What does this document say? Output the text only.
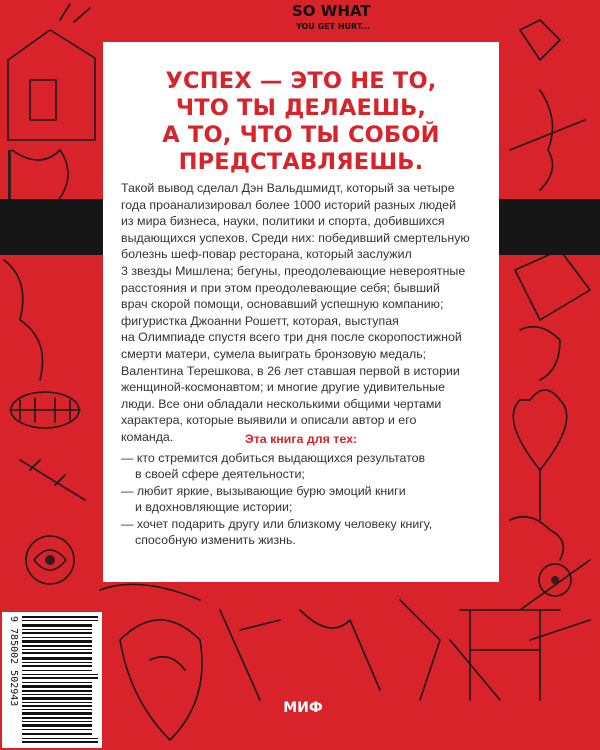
SO WHAT
YOU GET HURT...
УСПЕХ — ЭТО НЕ ТО,
ЧТО ТЫ ДЕЛАЕШЬ,
А ТО, ЧТО ТЫ СОБОЙ
ПРЕДСТАВЛЯЕШЬ.
Такой вывод сделал Дэн Вальдшмидт, который за четыре
года проанализировал более 1000 историй разных людей
из мира бизнеса, науки, политики и спорта, добившихся
выдающихся успехов. Среди них: победивший смертельную
болезнь шеф-повар ресторана, который заслужил
3 звезды Мишлена; бегуны, преодолевающие невероятные
расстояния и при этом преодолевающие себя; бывший
врач скорой помощи, основавший успешную компанию;
фигуристка Джоанни Рошетт, которая, выступая
на Олимпиаде спустя всего три дня после скоропостижной
смерти матери, сумела выиграть бронзовую медаль;
Валентина Терешкова, в 26 лет ставшая первой в истории
женщиной-космонавтом; и многие другие удивительные
люди. Все они обладали несколькими общими чертами
характера, которые выявили и описали автор и его
команда.	Эта книга для тех:
— кто стремится добиться выдающихся результатов
в своей сфере деятельности;
— любит яркие, вызывающие бурю эмоций книги
и вдохновляющие истории;
— хочет подарить другу или близкому человеку книгу,
способную изменить жизнь.
9 785002 502943
МИФ
